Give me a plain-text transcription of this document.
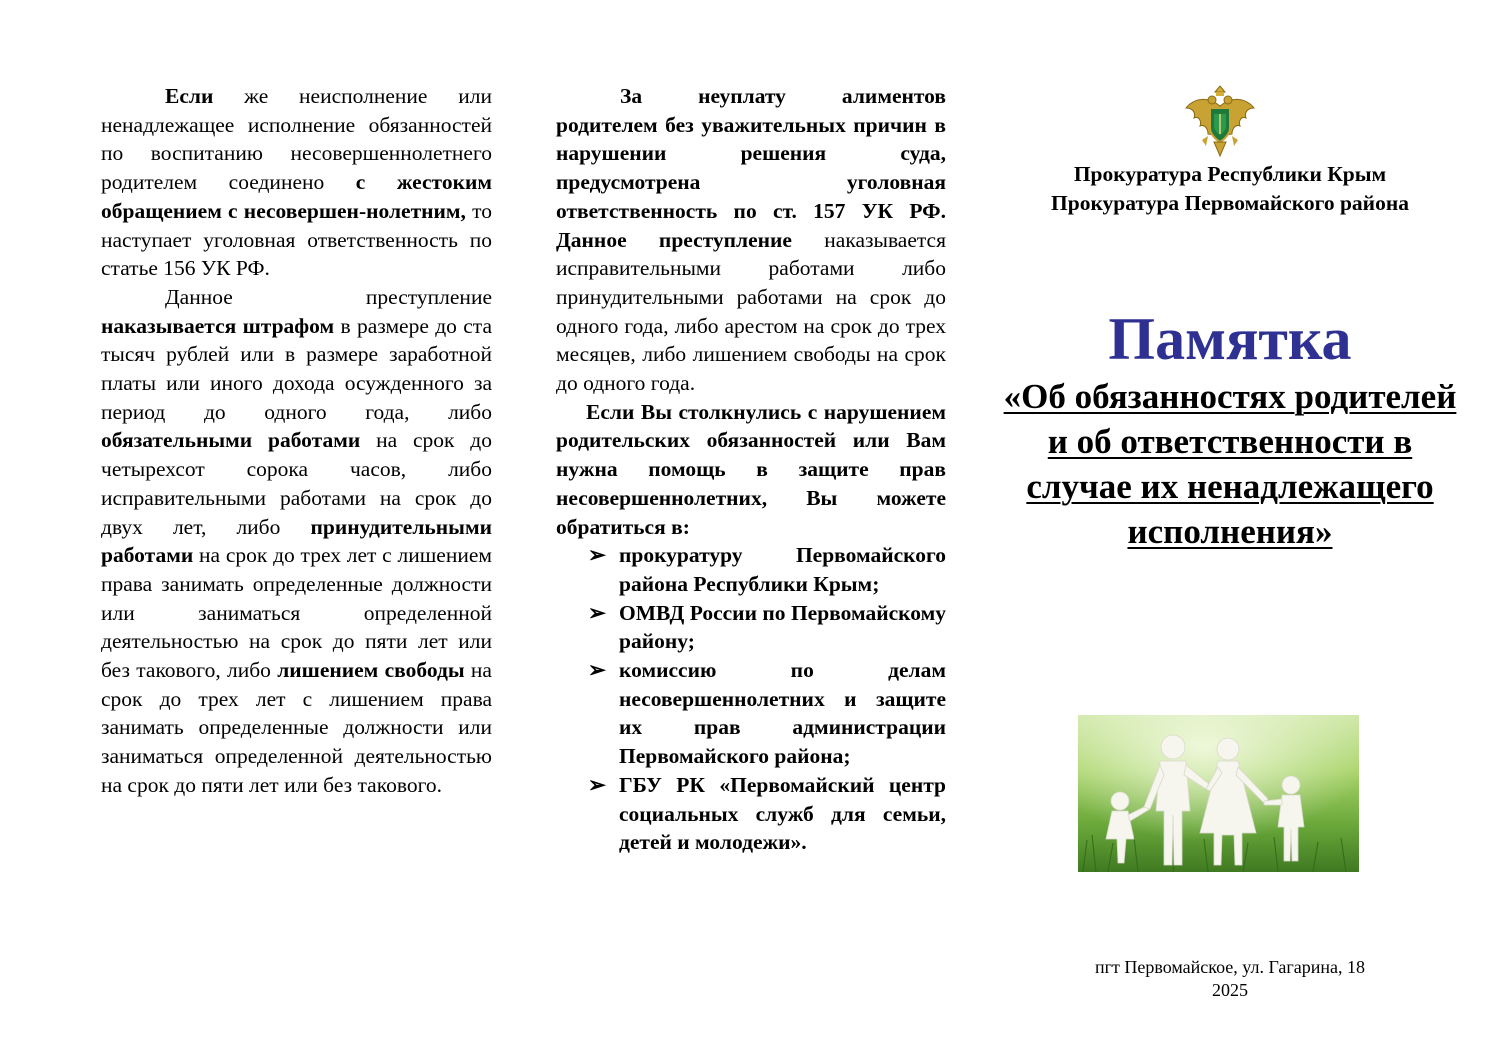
Если же неисполнение или ненадлежащее исполнение обязанностей по воспитанию несовершеннолетнего родителем соединено с жестоким обращением с несовершен-нолетним, то наступает уголовная ответственность по статье 156 УК РФ.

Данное преступление наказывается штрафом в размере до ста тысяч рублей или в размере заработной платы или иного дохода осужденного за период до одного года, либо обязательными работами на срок до четырехсот сорока часов, либо исправительными работами на срок до двух лет, либо принудительными работами на срок до трех лет с лишением права занимать определенные должности или заниматься определенной деятельностью на срок до пяти лет или без такового, либо лишением свободы на срок до трех лет с лишением права занимать определенные должности или заниматься определенной деятельностью на срок до пяти лет или без такового.

За неуплату алиментов родителем без уважительных причин в нарушении решения суда, предусмотрена уголовная ответственность по ст. 157 УК РФ. Данное преступление наказывается исправительными работами либо принудительными работами на срок до одного года, либо арестом на срок до трех месяцев, либо лишением свободы на срок до одного года.

Если Вы столкнулись с нарушением родительских обязанностей или Вам нужна помощь в защите прав несовершеннолетних, Вы можете обратиться в:

➢ прокуратуру Первомайского района Республики Крым;
➢ ОМВД России по Первомайскому району;
➢ комиссию по делам несовершеннолетних и защите их прав администрации Первомайского района;
➢ ГБУ РК «Первомайский центр социальных служб для семьи, детей и молодежи».
Прокуратура Республики Крым
Прокуратура Первомайского района
Памятка
«Об обязанностях родителей и об ответственности в случае их ненадлежащего исполнения»
пгт Первомайское, ул. Гагарина, 18
2025
